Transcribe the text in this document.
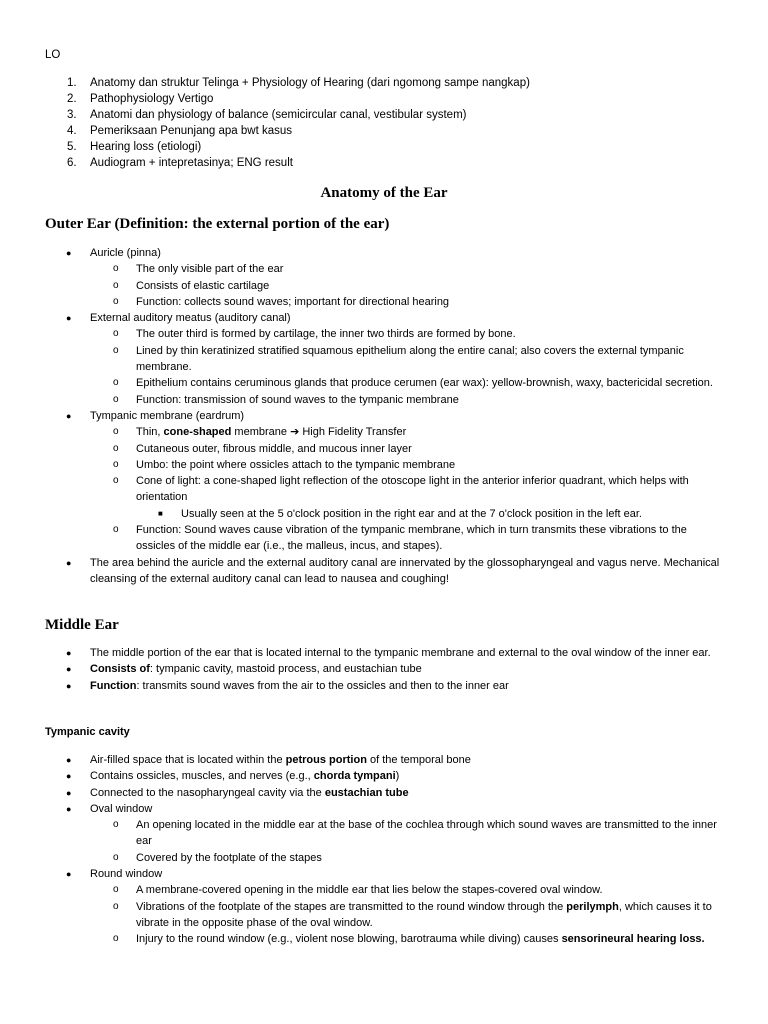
LO
1.	Anatomy dan struktur Telinga + Physiology of Hearing (dari ngomong sampe nangkap)
2.	Pathophysiology Vertigo
3.	Anatomi dan physiology of balance (semicircular canal, vestibular system)
4.	Pemeriksaan Penunjang apa bwt kasus
5.	Hearing loss (etiologi)
6.	Audiogram + intepretasinya; ENG result
Anatomy of the Ear
Outer Ear (Definition: the external portion of the ear)
● Auricle (pinna)
o The only visible part of the ear
o Consists of elastic cartilage
o Function: collects sound waves; important for directional hearing
● External auditory meatus (auditory canal)
o The outer third is formed by cartilage, the inner two thirds are formed by bone.
o Lined by thin keratinized stratified squamous epithelium along the entire canal; also covers the external tympanic membrane.
o Epithelium contains ceruminous glands that produce cerumen (ear wax): yellow-brownish, waxy, bactericidal secretion.
o Function: transmission of sound waves to the tympanic membrane
● Tympanic membrane (eardrum)
o Thin, cone-shaped membrane ➔ High Fidelity Transfer
o Cutaneous outer, fibrous middle, and mucous inner layer
o Umbo: the point where ossicles attach to the tympanic membrane
o Cone of light: a cone-shaped light reflection of the otoscope light in the anterior inferior quadrant, which helps with orientation
■ Usually seen at the 5 o'clock position in the right ear and at the 7 o'clock position in the left ear.
o Function: Sound waves cause vibration of the tympanic membrane, which in turn transmits these vibrations to the ossicles of the middle ear (i.e., the malleus, incus, and stapes).
● The area behind the auricle and the external auditory canal are innervated by the glossopharyngeal and vagus nerve. Mechanical cleansing of the external auditory canal can lead to nausea and coughing!
Middle Ear
● The middle portion of the ear that is located internal to the tympanic membrane and external to the oval window of the inner ear.
● Consists of: tympanic cavity, mastoid process, and eustachian tube
● Function: transmits sound waves from the air to the ossicles and then to the inner ear
Tympanic cavity
● Air-filled space that is located within the petrous portion of the temporal bone
● Contains ossicles, muscles, and nerves (e.g., chorda tympani)
● Connected to the nasopharyngeal cavity via the eustachian tube
● Oval window
o An opening located in the middle ear at the base of the cochlea through which sound waves are transmitted to the inner ear
o Covered by the footplate of the stapes
● Round window
o A membrane-covered opening in the middle ear that lies below the stapes-covered oval window.
o Vibrations of the footplate of the stapes are transmitted to the round window through the perilymph, which causes it to vibrate in the opposite phase of the oval window.
o Injury to the round window (e.g., violent nose blowing, barotrauma while diving) causes sensorineural hearing loss.
